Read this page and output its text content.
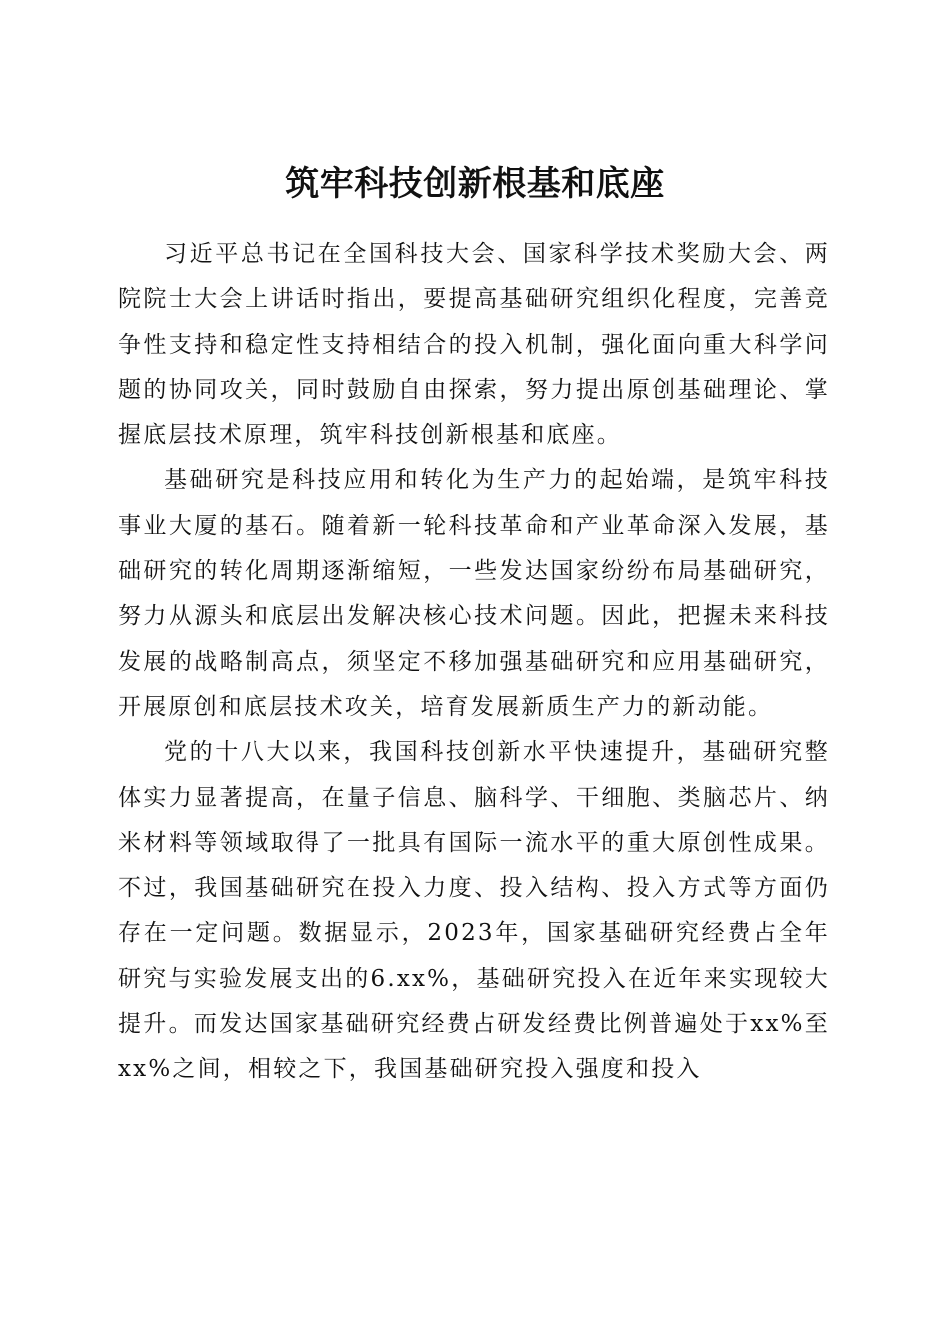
筑牢科技创新根基和底座

习近平总书记在全国科技大会、国家科学技术奖励大会、两院院士大会上讲话时指出，要提高基础研究组织化程度，完善竞争性支持和稳定性支持相结合的投入机制，强化面向重大科学问题的协同攻关，同时鼓励自由探索，努力提出原创基础理论、掌握底层技术原理，筑牢科技创新根基和底座。

基础研究是科技应用和转化为生产力的起始端，是筑牢科技事业大厦的基石。随着新一轮科技革命和产业革命深入发展，基础研究的转化周期逐渐缩短，一些发达国家纷纷布局基础研究，努力从源头和底层出发解决核心技术问题。因此，把握未来科技发展的战略制高点，须坚定不移加强基础研究和应用基础研究，开展原创和底层技术攻关，培育发展新质生产力的新动能。

党的十八大以来，我国科技创新水平快速提升，基础研究整体实力显著提高，在量子信息、脑科学、干细胞、类脑芯片、纳米材料等领域取得了一批具有国际一流水平的重大原创性成果。不过，我国基础研究在投入力度、投入结构、投入方式等方面仍存在一定问题。数据显示，2023年，国家基础研究经费占全年研究与实验发展支出的6.xx%，基础研究投入在近年来实现较大提升。而发达国家基础研究经费占研发经费比例普遍处于xx%至xx%之间，相较之下，我国基础研究投入强度和投入
